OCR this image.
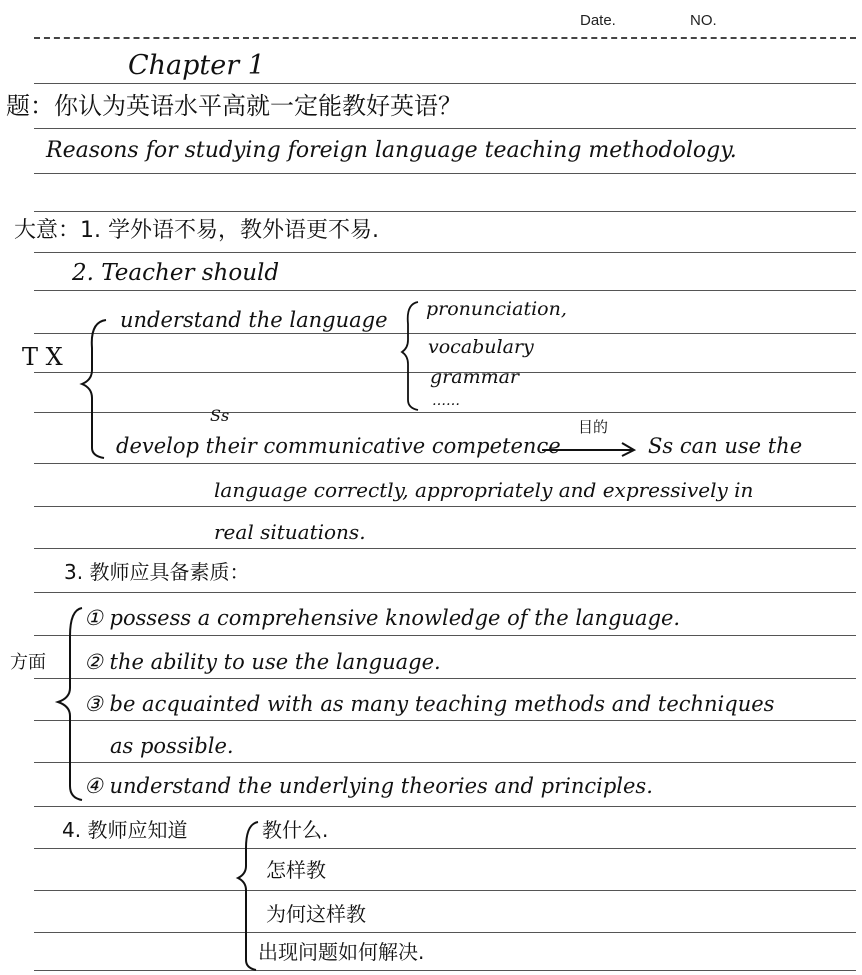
Date.	NO.
Chapter 1
题：你认为英语水平高就一定能教好英语？
Reasons for studying foreign language teaching methodology.
大意：1. 学外语不易，教外语更不易.
2. Teacher should
T X
understand the language pronunciation,
vocabulary
grammar
……
Ss
develop their communicative competence
目的
Ss can use the
language correctly, appropriately and expressively in
real situations.
3. 教师应具备素质：
方面
① possess a comprehensive knowledge of the language.
② the ability to use the language.
③ be acquainted with as many teaching methods and techniques
as possible.
④ understand the underlying theories and principles.
4. 教师应知道	教什么.
怎样教
为何这样教
出现问题如何解决.
